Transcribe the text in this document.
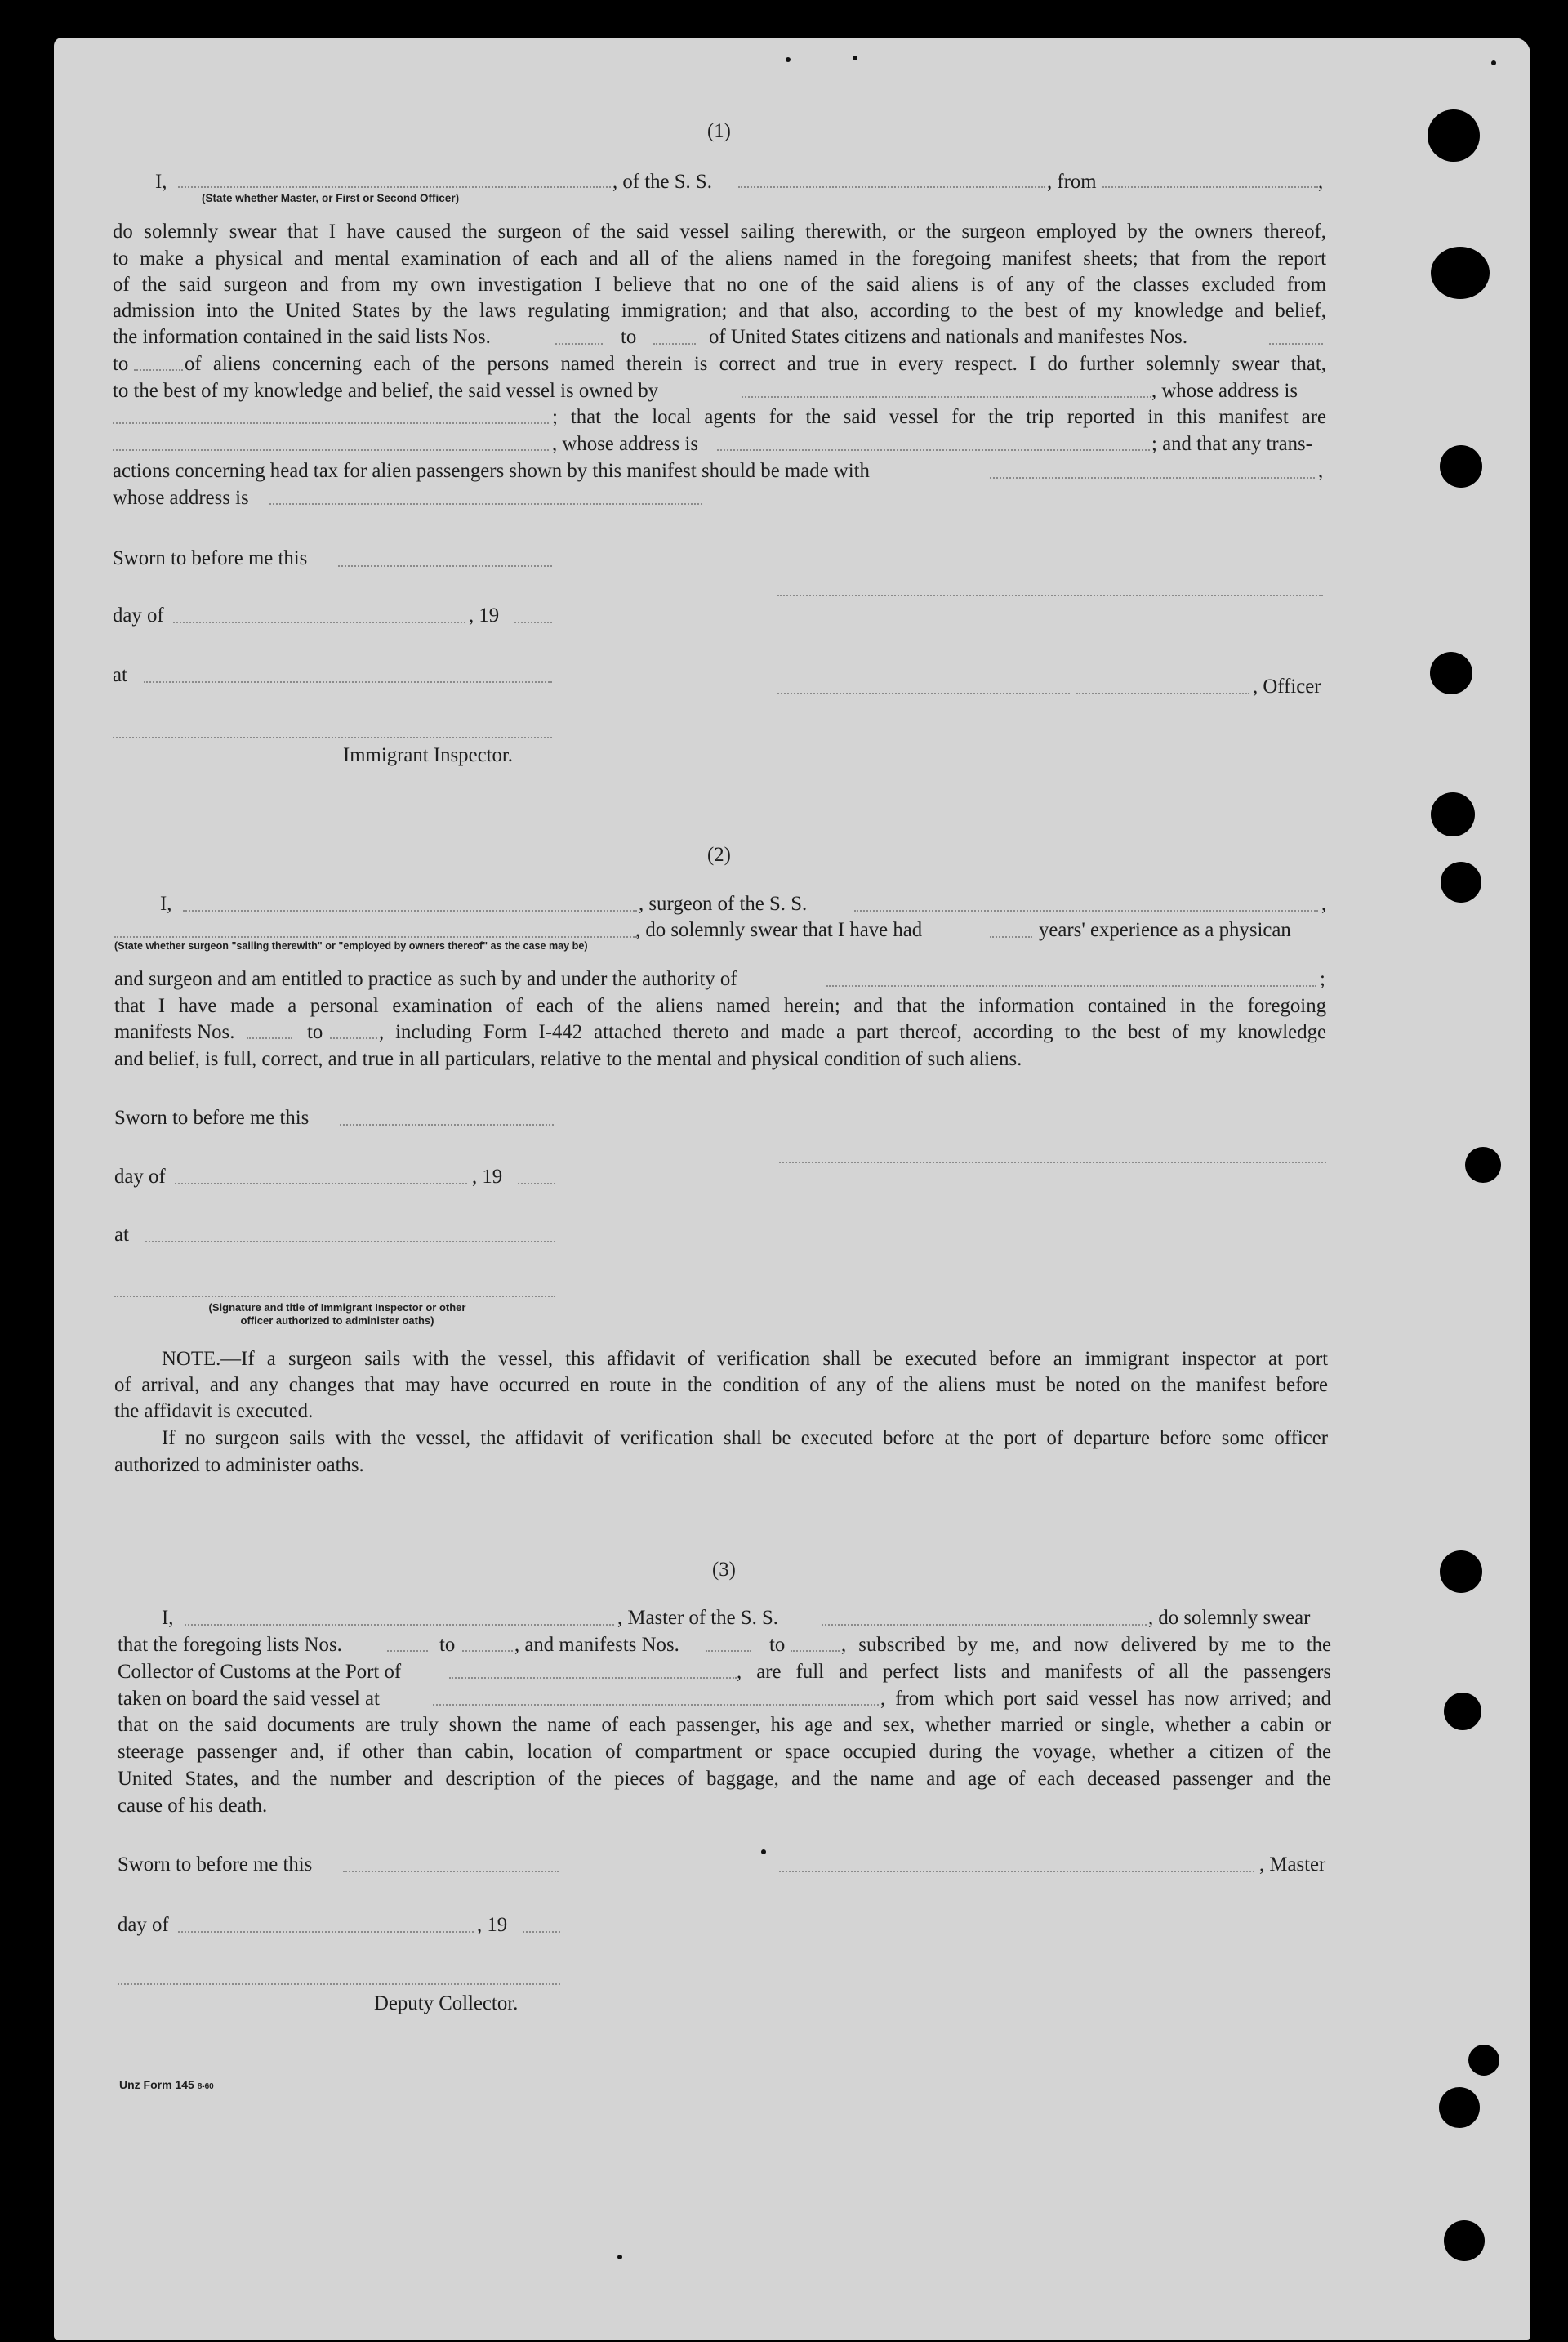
(1)
I,	, of the S. S.	, from	,
(State whether Master, or First or Second Officer)
do solemnly swear that I have caused the surgeon of the said vessel sailing therewith, or the surgeon employed by the owners thereof,
to make a physical and mental examination of each and all of the aliens named in the foregoing manifest sheets; that from the report
of the said surgeon and from my own investigation I believe that no one of the said aliens is of any of the classes excluded from
admission into the United States by the laws regulating immigration; and that also, according to the best of my knowledge and belief,
the information contained in the said lists Nos.	to	of United States citizens and nationals and manifestes Nos.
to	of aliens concerning each of the persons named therein is correct and true in every respect. I do further solemnly swear that,
to the best of my knowledge and belief, the said vessel is owned by	, whose address is
; that the local agents for the said vessel for the trip reported in this manifest are
, whose address is	; and that any trans-
actions concerning head tax for alien passengers shown by this manifest should be made with	,
whose address is
Sworn to before me this
day of	, 19
at
, Officer
Immigrant Inspector.
(2)
I,	, surgeon of the S. S.	,
, do solemnly swear that I have had	years' experience as a physican
(State whether surgeon "sailing therewith" or "employed by owners thereof" as the case may be)
and surgeon and am entitled to practice as such by and under the authority of	;
that I have made a personal examination of each of the aliens named herein; and that the information contained in the foregoing
manifests Nos.	to	, including Form I-442 attached thereto and made a part thereof, according to the best of my knowledge
and belief, is full, correct, and true in all particulars, relative to the mental and physical condition of such aliens.
Sworn to before me this
day of	, 19
at
(Signature and title of Immigrant Inspector or other
officer authorized to administer oaths)
NOTE.—If a surgeon sails with the vessel, this affidavit of verification shall be executed before an immigrant inspector at port
of arrival, and any changes that may have occurred en route in the condition of any of the aliens must be noted on the manifest before
the affidavit is executed.
If no surgeon sails with the vessel, the affidavit of verification shall be executed before at the port of departure before some officer
authorized to administer oaths.
(3)
I,	, Master of the S. S.	, do solemnly swear
that the foregoing lists Nos.	to	, and manifests Nos.	to	, subscribed by me, and now delivered by me to the
Collector of Customs at the Port of	, are full and perfect lists and manifests of all the passengers
taken on board the said vessel at	, from which port said vessel has now arrived; and
that on the said documents are truly shown the name of each passenger, his age and sex, whether married or single, whether a cabin or
steerage passenger and, if other than cabin, location of compartment or space occupied during the voyage, whether a citizen of the
United States, and the number and description of the pieces of baggage, and the name and age of each deceased passenger and the
cause of his death.
Sworn to before me this	, Master
day of	, 19
Deputy Collector.
Unz Form 145 8-60
